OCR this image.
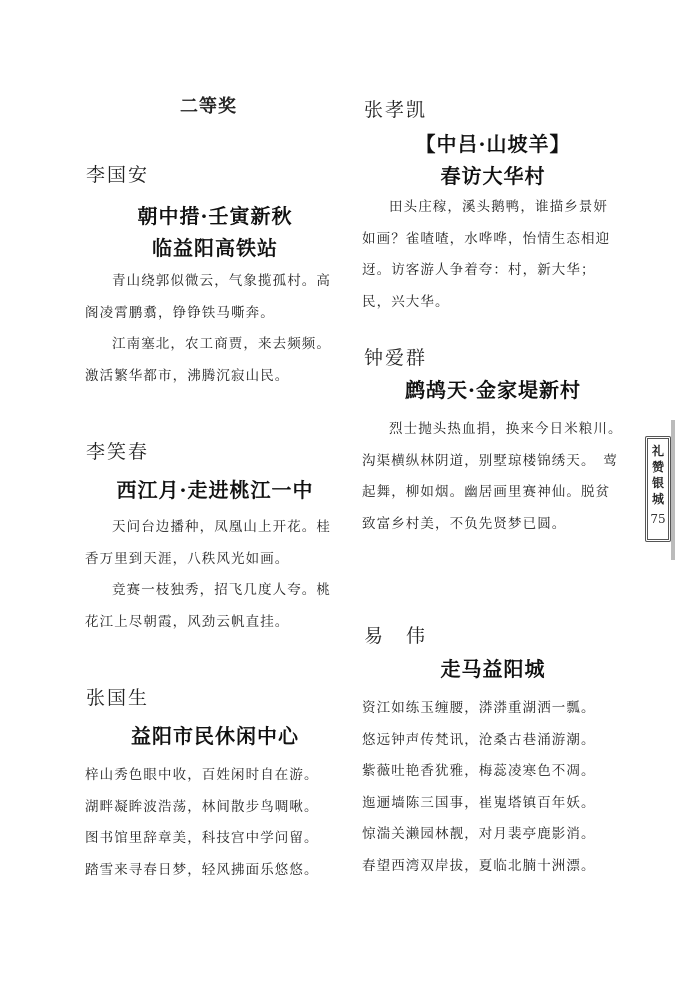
二等奖
李国安
朝中措·壬寅新秋
临益阳高铁站

青山绕郭似微云，气象揽孤村。高阁凌霄鹏翥，铮铮铁马嘶奔。

江南塞北，农工商贾，来去频频。激活繁华都市，沸腾沉寂山民。

李笑春
西江月·走进桃江一中

天问台边播种，凤凰山上开花。桂香万里到天涯，八秩风光如画。

竞赛一枝独秀，招飞几度人夸。桃花江上尽朝霞，风劲云帆直挂。

张国生
益阳市民休闲中心

梓山秀色眼中收，百姓闲时自在游。

湖畔凝眸波浩荡，林间散步鸟啁啾。

图书馆里辞章美，科技宫中学问留。

踏雪来寻春日梦，轻风拂面乐悠悠。

张孝凯
【中吕·山坡羊】
春访大华村

田头庄稼，溪头鹅鸭，谁描乡景妍如画？雀喳喳，水哗哗，怡情生态相迎迓。访客游人争着夸：村，新大华；民，兴大华。

钟爱群
鹧鸪天·金家堤新村

烈士抛头热血捐，换来今日米粮川。沟渠横纵林阴道，别墅琼楼锦绣天。　莺起舞，柳如烟。幽居画里赛神仙。脱贫致富乡村美，不负先贤梦已圆。

易　伟
走马益阳城

资江如练玉缠腰，漭漭重湖洒一瓢。

悠远钟声传梵讯，沧桑古巷涌游潮。

紫薇吐艳香犹雅，梅蕊凌寒色不凋。

迤逦墙陈三国事，崔嵬塔镇百年妖。

惊湍关濑园林靓，对月裴亭鹿影消。

春望西湾双岸拔，夏临北腩十洲漂。

礼
赞
银
城
75
